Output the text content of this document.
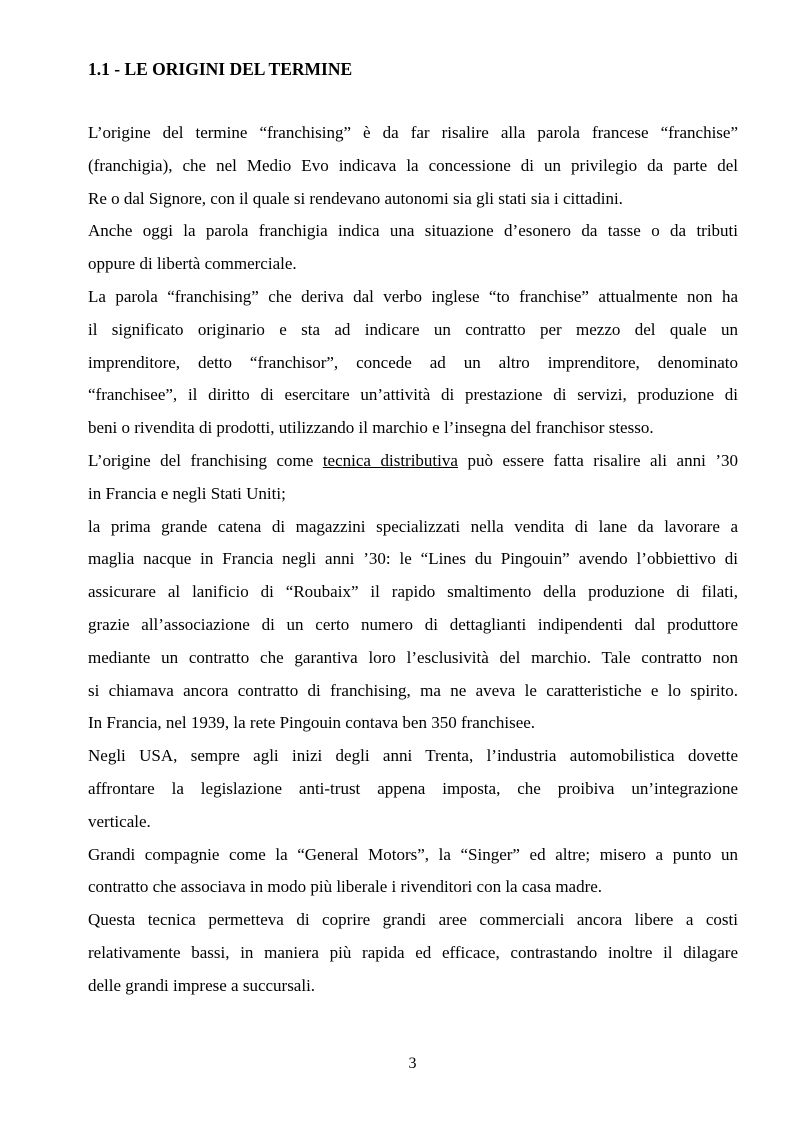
1.1 - LE ORIGINI DEL TERMINE

L’origine del termine “franchising” è da far risalire alla parola francese “franchise”

(franchigia), che nel Medio Evo indicava la concessione di un privilegio da parte del

Re o dal Signore, con il quale si rendevano autonomi sia gli stati sia i cittadini.

Anche oggi la parola franchigia indica una situazione d’esonero da tasse o da tributi

oppure di libertà commerciale.

La parola “franchising” che deriva dal verbo inglese “to franchise” attualmente non ha

il significato originario e sta ad indicare un contratto per mezzo del quale un

imprenditore, detto “franchisor”, concede ad un altro imprenditore, denominato

“franchisee”, il diritto di esercitare un’attività di prestazione di servizi, produzione di

beni o rivendita di prodotti, utilizzando il marchio e l’insegna del franchisor stesso.

L’origine del franchising come tecnica distributiva può essere fatta risalire ali anni ’30

in Francia e negli Stati Uniti;

la prima grande catena di magazzini specializzati nella vendita di lane da lavorare a

maglia nacque in Francia negli anni ’30: le “Lines du Pingouin” avendo l’obbiettivo di

assicurare al lanificio di “Roubaix” il rapido smaltimento della produzione di filati,

grazie all’associazione di un certo numero di dettaglianti indipendenti dal produttore

mediante un contratto che garantiva loro l’esclusività del marchio. Tale contratto non

si chiamava ancora contratto di franchising, ma ne aveva le caratteristiche e lo spirito.

In Francia, nel 1939, la rete Pingouin contava ben 350 franchisee.

Negli USA, sempre agli inizi degli anni Trenta, l’industria automobilistica dovette

affrontare la legislazione anti-trust appena imposta, che proibiva un’integrazione

verticale.

Grandi compagnie come la “General Motors”, la “Singer” ed altre; misero a punto un

contratto che associava in modo più liberale i rivenditori con la casa madre.

Questa tecnica permetteva di coprire grandi aree commerciali ancora libere a costi

relativamente bassi, in maniera più rapida ed efficace, contrastando inoltre il dilagare

delle grandi imprese a succursali.

3
